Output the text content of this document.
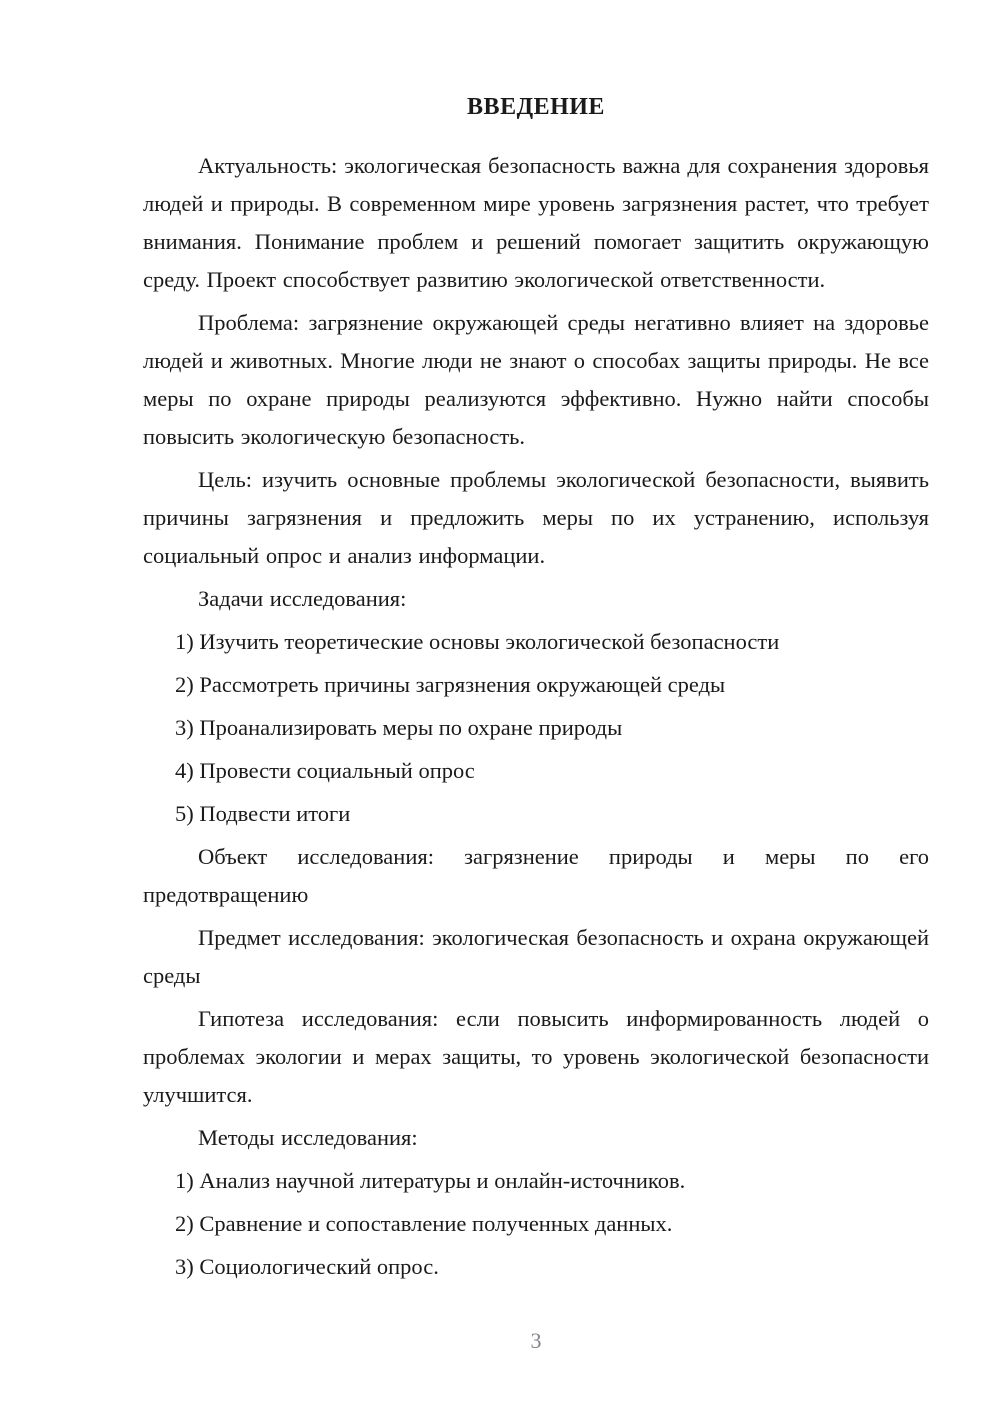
ВВЕДЕНИЕ

Актуальность: экологическая безопасность важна для сохранения здоровья людей и природы. В современном мире уровень загрязнения растет, что требует внимания. Понимание проблем и решений помогает защитить окружающую среду. Проект способствует развитию экологической ответственности.

Проблема: загрязнение окружающей среды негативно влияет на здоровье людей и животных. Многие люди не знают о способах защиты природы. Не все меры по охране природы реализуются эффективно. Нужно найти способы повысить экологическую безопасность.

Цель: изучить основные проблемы экологической безопасности, выявить причины загрязнения и предложить меры по их устранению, используя социальный опрос и анализ информации.

Задачи исследования:

1) Изучить теоретические основы экологической безопасности
2) Рассмотреть причины загрязнения окружающей среды
3) Проанализировать меры по охране природы
4) Провести социальный опрос
5) Подвести итоги

Объект исследования: загрязнение природы и меры по его предотвращению

Предмет исследования: экологическая безопасность и охрана окружающей среды

Гипотеза исследования: если повысить информированность людей о проблемах экологии и мерах защиты, то уровень экологической безопасности улучшится.

Методы исследования:

1) Анализ научной литературы и онлайн-источников.
2) Сравнение и сопоставление полученных данных.
3) Социологический опрос.
3
